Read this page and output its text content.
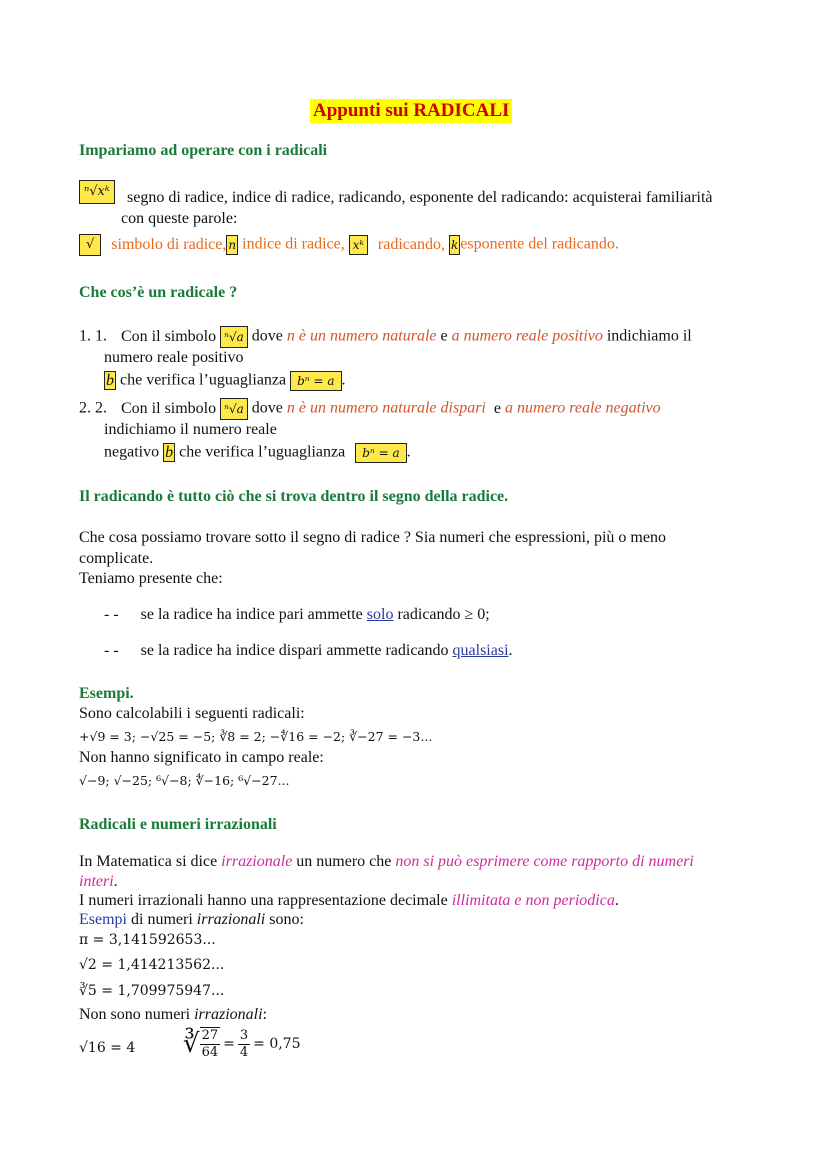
Appunti sui RADICALI
Impariamo ad operare con i radicali
ⁿ√xᵏ	segno di radice, indice di radice, radicando, esponente del radicando: acquisterai familiarità
con queste parole:
√ simbolo di radice, n indice di radice, xᵏ radicando, k esponente del radicando.
Che cos’è un radicale ?
1. 1. Con il simbolo ⁿ√a dove n è un numero naturale e a numero reale positivo indichiamo il
numero reale positivo
b che verifica l’uguaglianza bⁿ = a .
2. 2. Con il simbolo ⁿ√a dove n è un numero naturale dispari e a numero reale negativo
indichiamo il numero reale
negativo b che verifica l’uguaglianza bⁿ = a .
Il radicando è tutto ciò che si trova dentro il segno della radice.
Che cosa possiamo trovare sotto il segno di radice ? Sia numeri che espressioni, più o meno
complicate.
Teniamo presente che:
- - se la radice ha indice pari ammette solo radicando ≥ 0;
- - se la radice ha indice dispari ammette radicando qualsiasi.
Esempi.
Sono calcolabili i seguenti radicali:
+√9 = 3; −√25 = −5; ∛8 = 2; −∜16 = −2; ∛−27 = −3...
Non hanno significato in campo reale:
√−9; √−25; ⁶√−8; ∜−16; ⁶√−27...
Radicali e numeri irrazionali
In Matematica si dice irrazionale un numero che non si può esprimere come rapporto di numeri
interi.
I numeri irrazionali hanno una rappresentazione decimale illimitata e non periodica.
Esempi di numeri irrazionali sono:
π = 3,141592653...
√2 = 1,414213562...
∛5 = 1,709975947...
Non sono numeri irrazionali:
√16 = 4 ∛ $\frac{27}{64} = \frac{3}{4} = 0,75$
